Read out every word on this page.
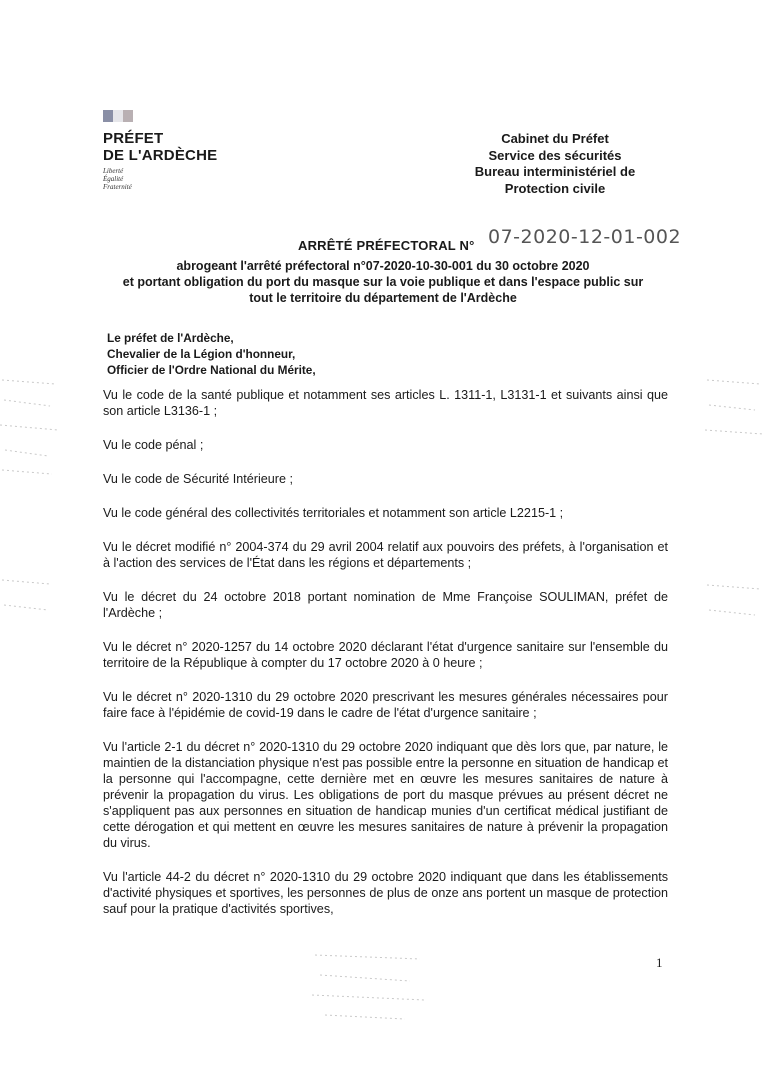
PRÉFET
DE L'ARDÈCHE
Liberté
Égalité
Fraternité
Cabinet du Préfet
Service des sécurités
Bureau interministériel de
Protection civile
ARRÊTÉ PRÉFECTORAL N° 07-2020-12-01-002
abrogeant l'arrêté préfectoral n°07-2020-10-30-001 du 30 octobre 2020
et portant obligation du port du masque sur la voie publique et dans l'espace public sur
tout le territoire du département de l'Ardèche
Le préfet de l'Ardèche,
Chevalier de la Légion d'honneur,
Officier de l'Ordre National du Mérite,

Vu le code de la santé publique et notamment ses articles L. 1311-1, L3131-1 et suivants ainsi que son article L3136-1 ;

Vu le code pénal ;

Vu le code de Sécurité Intérieure ;

Vu le code général des collectivités territoriales et notamment son article L2215-1 ;

Vu le décret modifié n° 2004-374 du 29 avril 2004 relatif aux pouvoirs des préfets, à l'organisation et à l'action des services de l'État dans les régions et départements ;

Vu le décret du 24 octobre 2018 portant nomination de Mme Françoise SOULIMAN, préfet de l'Ardèche ;

Vu le décret n° 2020-1257 du 14 octobre 2020 déclarant l'état d'urgence sanitaire sur l'ensemble du territoire de la République à compter du 17 octobre 2020 à 0 heure ;

Vu le décret n° 2020-1310 du 29 octobre 2020 prescrivant les mesures générales nécessaires pour faire face à l'épidémie de covid-19 dans le cadre de l'état d'urgence sanitaire ;

Vu l'article 2-1 du décret n° 2020-1310 du 29 octobre 2020 indiquant que dès lors que, par nature, le maintien de la distanciation physique n'est pas possible entre la personne en situation de handicap et la personne qui l'accompagne, cette dernière met en œuvre les mesures sanitaires de nature à prévenir la propagation du virus. Les obligations de port du masque prévues au présent décret ne s'appliquent pas aux personnes en situation de handicap munies d'un certificat médical justifiant de cette dérogation et qui mettent en œuvre les mesures sanitaires de nature à prévenir la propagation du virus.

Vu l'article 44-2 du décret n° 2020-1310 du 29 octobre 2020 indiquant que dans les établissements d'activité physiques et sportives, les personnes de plus de onze ans portent un masque de protection sauf pour la pratique d'activités sportives,

1
